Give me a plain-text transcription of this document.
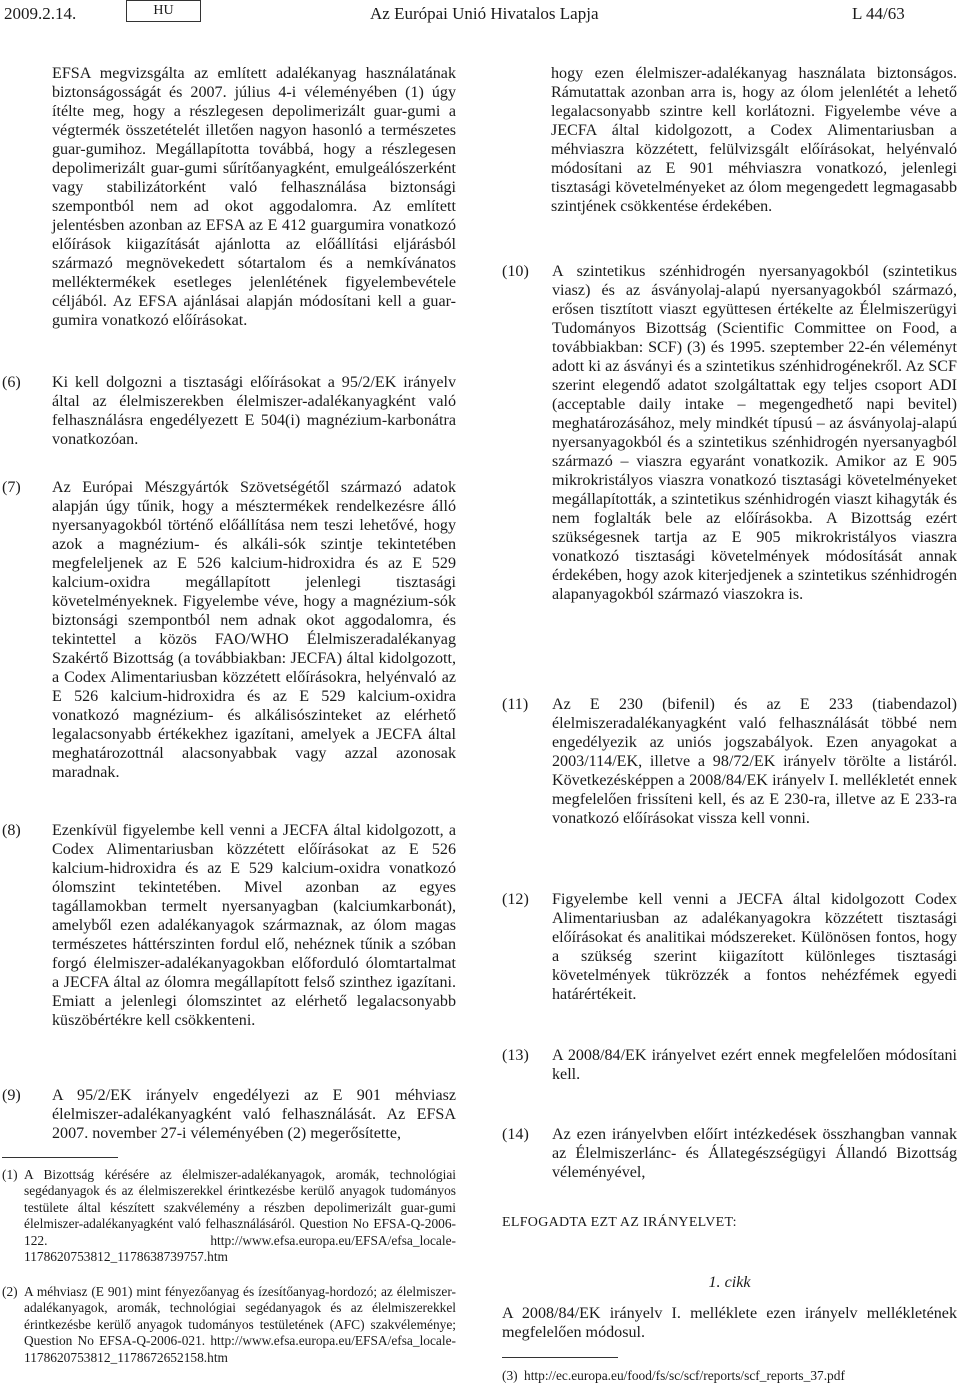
2009.2.14.	HU	Az Európai Unió Hivatalos Lapja	L 44/63

EFSA megvizsgálta az említett adalékanyag használatának biztonságosságát és 2007. július 4-i véleményében (1) úgy ítélte meg, hogy a részlegesen depolimerizált guar-gumi a végtermék összetételét illetően nagyon hasonló a természetes guar-gumihoz. Megállapította továbbá, hogy a részlegesen depolimerizált guar-gumi sűrítőanyagként, emulgeálószerként vagy stabilizátorként való felhasználása biztonsági szempontból nem ad okot aggodalomra. Az említett jelentésben azonban az EFSA az E 412 guargumira vonatkozó előírások kiigazítását ajánlotta az előállítási eljárásból származó megnövekedett sótartalom és a nemkívánatos melléktermékek esetleges jelenlétének figyelembevétele céljából. Az EFSA ajánlásai alapján módosítani kell a guar-gumira vonatkozó előírásokat.

(6)	Ki kell dolgozni a tisztasági előírásokat a 95/2/EK irányelv által az élelmiszerekben élelmiszer-adalékanyagként való felhasználásra engedélyezett E 504(i) magnézium-karbonátra vonatkozóan.
(7)	Az Európai Mészgyártók Szövetségétől származó adatok alapján úgy tűnik, hogy a mésztermékek rendelkezésre álló nyersanyagokból történő előállítása nem teszi lehetővé, hogy azok a magnézium- és alkáli-sók szintje tekintetében megfeleljenek az E 526 kalcium-hidroxidra és az E 529 kalcium-oxidra megállapított jelenlegi tisztasági követelményeknek. Figyelembe véve, hogy a magnézium-sók biztonsági szempontból nem adnak okot aggodalomra, és tekintettel a közös FAO/WHO Élelmiszeradalékanyag Szakértő Bizottság (a továbbiakban: JECFA) által kidolgozott, a Codex Alimentariusban közzétett előírásokra, helyénvaló az E 526 kalcium-hidroxidra és az E 529 kalcium-oxidra vonatkozó magnézium- és alkálisószinteket az elérhető legalacsonyabb értékekhez igazítani, amelyek a JECFA által meghatározottnál alacsonyabbak vagy azzal azonosak maradnak.
(8)	Ezenkívül figyelembe kell venni a JECFA által kidolgozott, a Codex Alimentariusban közzétett előírásokat az E 526 kalcium-hidroxidra és az E 529 kalcium-oxidra vonatkozó ólomszint tekintetében. Mivel azonban az egyes tagállamokban termelt nyersanyagban (kalciumkarbonát), amelyből ezen adalékanyagok származnak, az ólom magas természetes háttérszinten fordul elő, nehéznek tűnik a szóban forgó élelmiszer-adalékanyagokban előforduló ólomtartalmat a JECFA által az ólomra megállapított felső szinthez igazítani. Emiatt a jelenlegi ólomszintet az elérhető legalacsonyabb küszöbértékre kell csökkenteni.
(9)	A 95/2/EK irányelv engedélyezi az E 901 méhviasz élelmiszer-adalékanyagként való felhasználását. Az EFSA 2007. november 27-i véleményében (2) megerősítette,
(1) A Bizottság kérésére az élelmiszer-adalékanyagok, aromák, technológiai segédanyagok és az élelmiszerekkel érintkezésbe kerülő anyagok tudományos testülete által készített szakvélemény a részben depolimerizált guar-gumi élelmiszer-adalékanyagként való felhasználásáról. Question No EFSA-Q-2006-122. http://www.efsa.europa.eu/EFSA/efsa_locale-1178620753812_1178638739757.htm
(2) A méhviasz (E 901) mint fényezőanyag és ízesítőanyag-hordozó; az élelmiszer-adalékanyagok, aromák, technológiai segédanyagok és az élelmiszerekkel érintkezésbe kerülő anyagok tudományos testületének (AFC) szakvéleménye; Question No EFSA-Q-2006-021. http://www.efsa.europa.eu/EFSA/efsa_locale-1178620753812_1178672652158.htm

hogy ezen élelmiszer-adalékanyag használata biztonságos. Rámutattak azonban arra is, hogy az ólom jelenlétét a lehető legalacsonyabb szintre kell korlátozni. Figyelembe véve a JECFA által kidolgozott, a Codex Alimentariusban a méhviaszra közzétett, felülvizsgált előírásokat, helyénvaló módosítani az E 901 méhviaszra vonatkozó, jelenlegi tisztasági követelményeket az ólom megengedett legmagasabb szintjének csökkentése érdekében.

(10)	A szintetikus szénhidrogén nyersanyagokból (szintetikus viasz) és az ásványolaj-alapú nyersanyagokból származó, erősen tisztított viaszt együttesen értékelte az Élelmiszerügyi Tudományos Bizottság (Scientific Committee on Food, a továbbiakban: SCF) (3) és 1995. szeptember 22-én véleményt adott ki az ásványi és a szintetikus szénhidrogénekről. Az SCF szerint elegendő adatot szolgáltattak egy teljes csoport ADI (acceptable daily intake – megengedhető napi bevitel) meghatározásához, mely mindkét típusú – az ásványolaj-alapú nyersanyagokból és a szintetikus szénhidrogén nyersanyagból származó – viaszra egyaránt vonatkozik. Amikor az E 905 mikrokristályos viaszra vonatkozó tisztasági követelményeket megállapították, a szintetikus szénhidrogén viaszt kihagyták és nem foglalták bele az előírásokba. A Bizottság ezért szükségesnek tartja az E 905 mikrokristályos viaszra vonatkozó tisztasági követelmények módosítását annak érdekében, hogy azok kiterjedjenek a szintetikus szénhidrogén alapanyagokból származó viaszokra is.
(11)	Az E 230 (bifenil) és az E 233 (tiabendazol) élelmiszeradalékanyagként való felhasználását többé nem engedélyezik az uniós jogszabályok. Ezen anyagokat a 2003/114/EK, illetve a 98/72/EK irányelv törölte a listáról. Következésképpen a 2008/84/EK irányelv I. mellékletét ennek megfelelően frissíteni kell, és az E 230-ra, illetve az E 233-ra vonatkozó előírásokat vissza kell vonni.
(12)	Figyelembe kell venni a JECFA által kidolgozott Codex Alimentariusban az adalékanyagokra közzétett tisztasági előírásokat és analitikai módszereket. Különösen fontos, hogy a szükség szerint kiigazított különleges tisztasági követelmények tükrözzék a fontos nehézfémek egyedi határértékeit.
(13)	A 2008/84/EK irányelvet ezért ennek megfelelően módosítani kell.
(14)	Az ezen irányelvben előírt intézkedések összhangban vannak az Élelmiszerlánc- és Állategészségügyi Állandó Bizottság véleményével,
ELFOGADTA EZT AZ IRÁNYELVET:
1. cikk
A 2008/84/EK irányelv I. melléklete ezen irányelv mellékletének megfelelően módosul.
(3) http://ec.europa.eu/food/fs/sc/scf/reports/scf_reports_37.pdf
